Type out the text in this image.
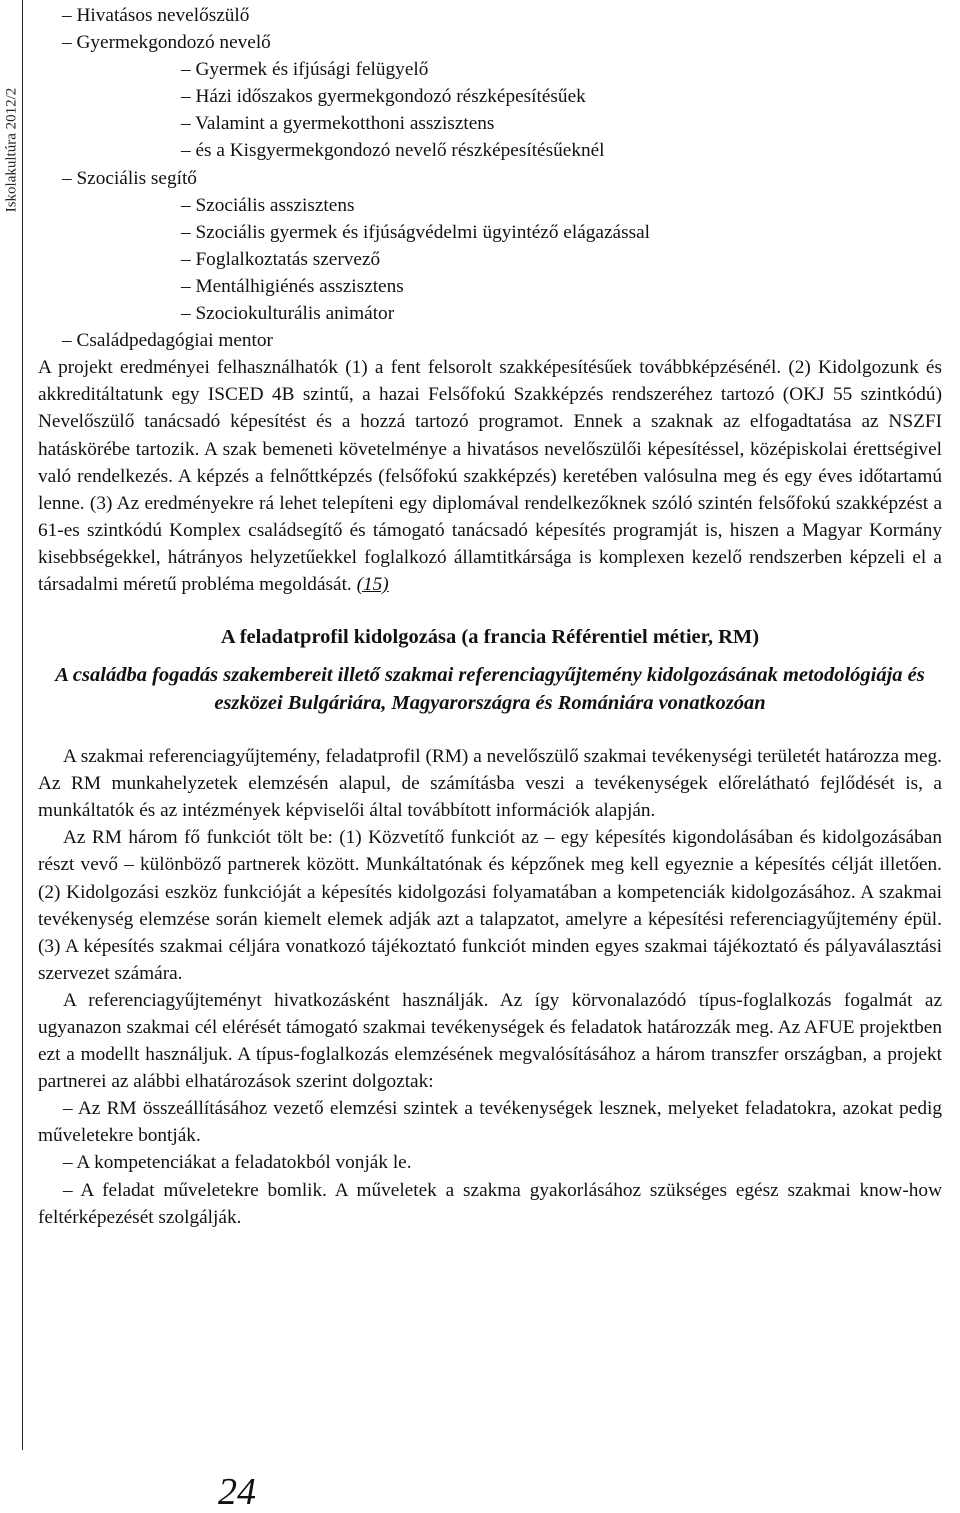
Iskolakultúra 2012/2
– Hivatásos nevelőszülő
– Gyermekgondozó nevelő
– Gyermek és ifjúsági felügyelő
– Házi időszakos gyermekgondozó részképesítésűek
– Valamint a gyermekotthoni asszisztens
– és a Kisgyermekgondozó nevelő részképesítésűeknél
– Szociális segítő
– Szociális asszisztens
– Szociális gyermek és ifjúságvédelmi ügyintéző elágazással
– Foglalkoztatás szervező
– Mentálhigiénés asszisztens
– Szociokulturális animátor
– Családpedagógiai mentor

A projekt eredményei felhasználhatók (1) a fent felsorolt szakképesítésűek továbbképzésénél. (2) Kidolgozunk és akkreditáltatunk egy ISCED 4B szintű, a hazai Felsőfokú Szakképzés rendszeréhez tartozó (OKJ 55 szintkódú) Nevelőszülő tanácsadó képesítést és a hozzá tartozó programot. Ennek a szaknak az elfogadtatása az NSZFI hatáskörébe tartozik. A szak bemeneti követelménye a hivatásos nevelőszülői képesítéssel, középiskolai érettségivel való rendelkezés. A képzés a felnőttképzés (felsőfokú szakképzés) keretében valósulna meg és egy éves időtartamú lenne. (3) Az eredményekre rá lehet telepíteni egy diplomával rendelkezőknek szóló szintén felsőfokú szakképzést a 61-es szintkódú Komplex családsegítő és támogató tanácsadó képesítés programját is, hiszen a Magyar Kormány kisebbségekkel, hátrányos helyzetűekkel foglalkozó államtitkársága is komplexen kezelő rendszerben képzeli el a társadalmi méretű probléma megoldását. (15)

A feladatprofil kidolgozása (a francia Référentiel métier, RM)
A családba fogadás szakembereit illető szakmai referenciagyűjtemény kidolgozásának metodológiája és eszközei Bulgáriára, Magyarországra és Romániára vonatkozóan

A szakmai referenciagyűjtemény, feladatprofil (RM) a nevelőszülő szakmai tevékenységi területét határozza meg. Az RM munkahelyzetek elemzésén alapul, de számításba veszi a tevékenységek előrelátható fejlődését is, a munkáltatók és az intézmények képviselői által továbbított információk alapján.

Az RM három fő funkciót tölt be: (1) Közvetítő funkciót az – egy képesítés kigondolásában és kidolgozásában részt vevő – különböző partnerek között. Munkáltatónak és képzőnek meg kell egyeznie a képesítés célját illetően. (2) Kidolgozási eszköz funkcióját a képesítés kidolgozási folyamatában a kompetenciák kidolgozásához. A szakmai tevékenység elemzése során kiemelt elemek adják azt a talapzatot, amelyre a képesítési referenciagyűjtemény épül. (3) A képesítés szakmai céljára vonatkozó tájékoztató funkciót minden egyes szakmai tájékoztató és pályaválasztási szervezet számára.

A referenciagyűjteményt hivatkozásként használják. Az így körvonalazódó típus-foglalkozás fogalmát az ugyanazon szakmai cél elérését támogató szakmai tevékenységek és feladatok határozzák meg. Az AFUE projektben ezt a modellt használjuk. A típus-foglalkozás elemzésének megvalósításához a három transzfer országban, a projekt partnerei az alábbi elhatározások szerint dolgoztak:

– Az RM összeállításához vezető elemzési szintek a tevékenységek lesznek, melyeket feladatokra, azokat pedig műveletekre bontják.

– A kompetenciákat a feladatokból vonják le.

– A feladat műveletekre bomlik. A műveletek a szakma gyakorlásához szükséges egész szakmai know-how feltérképezését szolgálják.

24
